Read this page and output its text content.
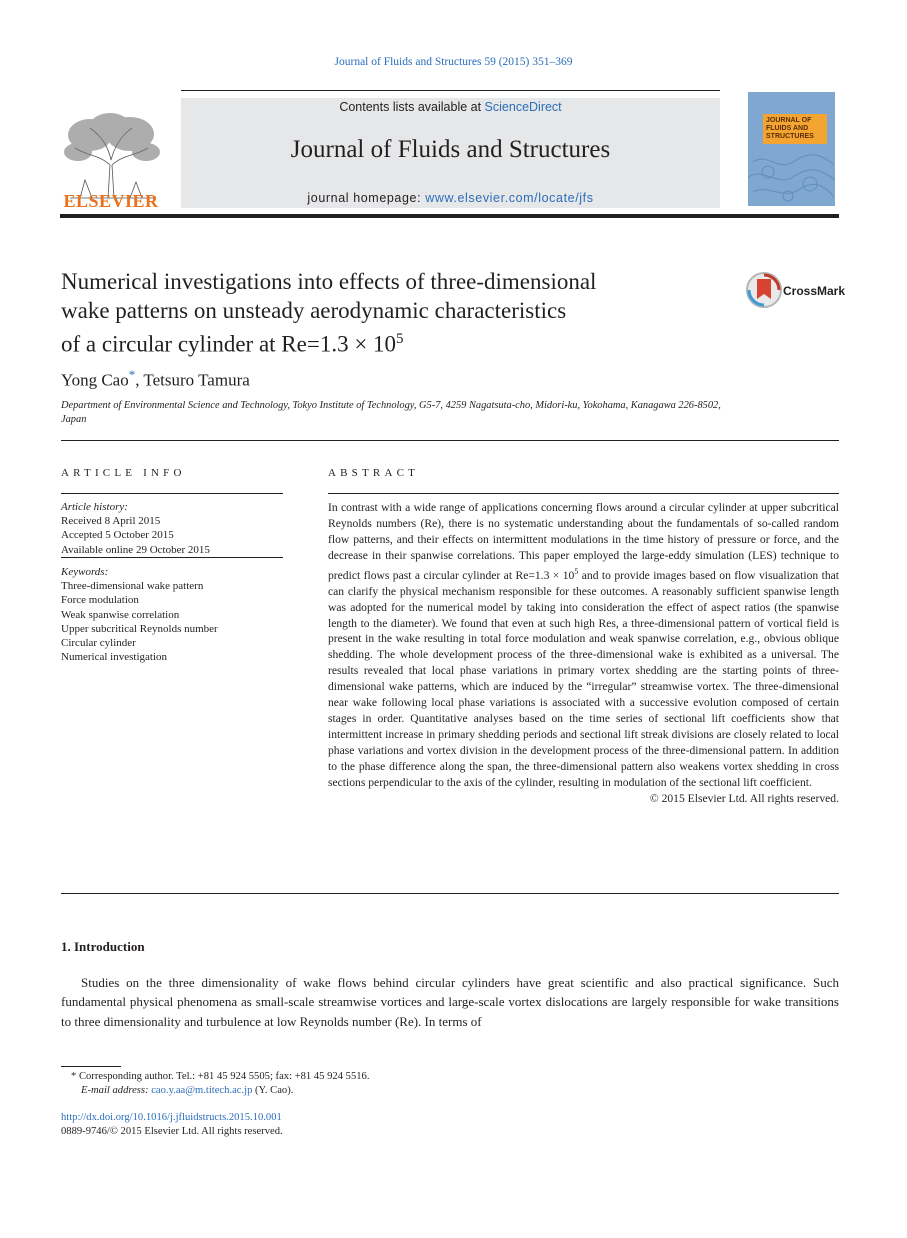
Journal of Fluids and Structures 59 (2015) 351–369
ELSEVIER
Contents lists available at ScienceDirect
Journal of Fluids and Structures
journal homepage: www.elsevier.com/locate/jfs
JOURNAL OF FLUIDS AND STRUCTURES
Numerical investigations into effects of three-dimensional
wake patterns on unsteady aerodynamic characteristics
of a circular cylinder at $Re=1.3 \times 10^5$
CrossMark
Yong Cao*, Tetsuro Tamura
Department of Environmental Science and Technology, Tokyo Institute of Technology, G5-7, 4259 Nagatsuta-cho, Midori-ku, Yokohama, Kanagawa 226-8502, Japan
ARTICLE INFO
Article history:
Received 8 April 2015
Accepted 5 October 2015
Available online 29 October 2015
Keywords:
Three-dimensional wake pattern
Force modulation
Weak spanwise correlation
Upper subcritical Reynolds number
Circular cylinder
Numerical investigation
ABSTRACT
In contrast with a wide range of applications concerning flows around a circular cylinder at upper subcritical Reynolds numbers (Re), there is no systematic understanding about the fundamentals of so-called random flow patterns, and their effects on intermittent modulations in the time history of pressure or force, and the decrease in their spanwise correlations. This paper employed the large-eddy simulation (LES) technique to predict flows past a circular cylinder at $Re=1.3 \times 10^5$ and to provide images based on flow visualization that can clarify the physical mechanism responsible for these outcomes. A reasonably sufficient spanwise length was adopted for the numerical model by taking into consideration the effect of aspect ratios (the spanwise length to the diameter). We found that even at such high Res, a three-dimensional pattern of vortical field is present in the wake resulting in total force modulation and weak spanwise correlation, e.g., obvious oblique shedding. The whole development process of the three-dimensional wake is exhibited as a universal. The results revealed that local phase variations in primary vortex shedding are the starting points of three-dimensional wake patterns, which are induced by the “irregular” streamwise vortex. The three-dimensional near wake following local phase variations is associated with a successive evolution composed of certain stages in order. Quantitative analyses based on the time series of sectional lift coefficients show that intermittent increase in primary shedding periods and sectional lift streak divisions are closely related to local phase variations and vortex division in the development process of the three-dimensional pattern. In addition to the phase difference along the span, the three-dimensional pattern also weakens vortex shedding in cross sections perpendicular to the axis of the cylinder, resulting in modulation of the sectional lift coefficient.
© 2015 Elsevier Ltd. All rights reserved.
1. Introduction
Studies on the three dimensionality of wake flows behind circular cylinders have great scientific and also practical significance. Such fundamental physical phenomena as small-scale streamwise vortices and large-scale vortex dislocations are largely responsible for wake transitions to three dimensionality and turbulence at low Reynolds number (Re). In terms of
* Corresponding author. Tel.: +81 45 924 5505; fax: +81 45 924 5516.
E-mail address: cao.y.aa@m.titech.ac.jp (Y. Cao).
http://dx.doi.org/10.1016/j.jfluidstructs.2015.10.001
0889-9746/© 2015 Elsevier Ltd. All rights reserved.
